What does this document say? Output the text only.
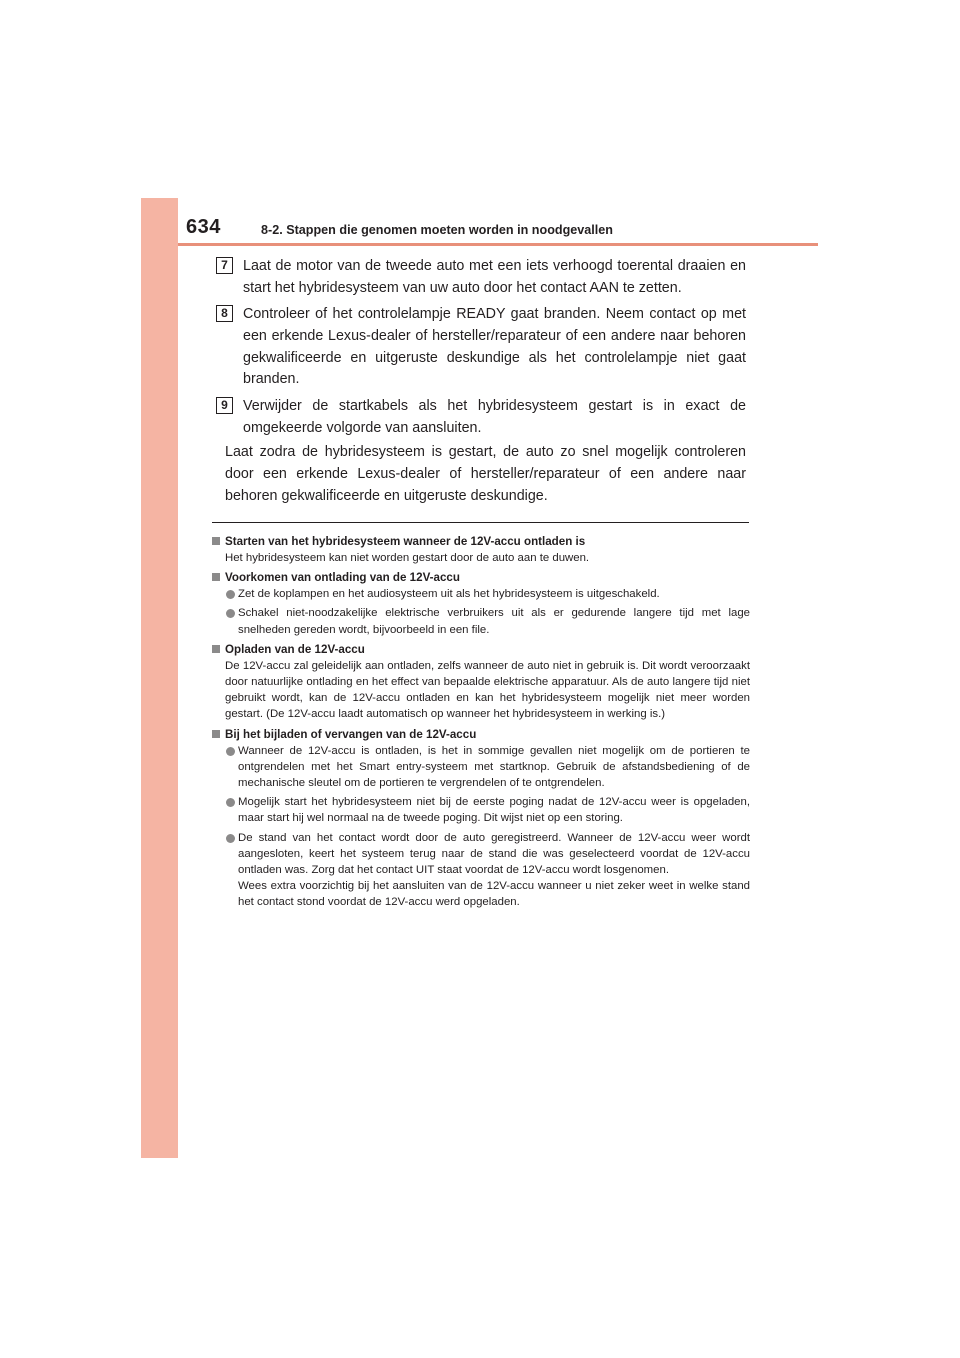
634	8-2. Stappen die genomen moeten worden in noodgevallen
7	Laat de motor van de tweede auto met een iets verhoogd toerental draaien en start het hybridesysteem van uw auto door het contact AAN te zetten.
8	Controleer of het controlelampje READY gaat branden. Neem contact op met een erkende Lexus-dealer of hersteller/reparateur of een andere naar behoren gekwalificeerde en uitgeruste deskundige als het controlelampje niet gaat branden.
9	Verwijder de startkabels als het hybridesysteem gestart is in exact de omgekeerde volgorde van aansluiten.
Laat zodra de hybridesysteem is gestart, de auto zo snel mogelijk controleren door een erkende Lexus-dealer of hersteller/reparateur of een andere naar behoren gekwalificeerde en uitgeruste deskundige.
Starten van het hybridesysteem wanneer de 12V-accu ontladen is
Het hybridesysteem kan niet worden gestart door de auto aan te duwen.
Voorkomen van ontlading van de 12V-accu

Zet de koplampen en het audiosysteem uit als het hybridesysteem is uitgeschakeld.

Schakel niet-noodzakelijke elektrische verbruikers uit als er gedurende langere tijd met lage snelheden gereden wordt, bijvoorbeeld in een file.

Opladen van de 12V-accu
De 12V-accu zal geleidelijk aan ontladen, zelfs wanneer de auto niet in gebruik is. Dit wordt veroorzaakt door natuurlijke ontlading en het effect van bepaalde elektrische apparatuur. Als de auto langere tijd niet gebruikt wordt, kan de 12V-accu ontladen en kan het hybridesysteem mogelijk niet meer worden gestart. (De 12V-accu laadt automatisch op wanneer het hybridesysteem in werking is.)
Bij het bijladen of vervangen van de 12V-accu

Wanneer de 12V-accu is ontladen, is het in sommige gevallen niet mogelijk om de portieren te ontgrendelen met het Smart entry-systeem met startknop. Gebruik de afstandsbediening of de mechanische sleutel om de portieren te vergrendelen of te ontgrendelen.

Mogelijk start het hybridesysteem niet bij de eerste poging nadat de 12V-accu weer is opgeladen, maar start hij wel normaal na de tweede poging. Dit wijst niet op een storing.

De stand van het contact wordt door de auto geregistreerd. Wanneer de 12V-accu weer wordt aangesloten, keert het systeem terug naar de stand die was geselecteerd voordat de 12V-accu ontladen was. Zorg dat het contact UIT staat voordat de 12V-accu wordt losgenomen.

Wees extra voorzichtig bij het aansluiten van de 12V-accu wanneer u niet zeker weet in welke stand het contact stond voordat de 12V-accu werd opgeladen.
